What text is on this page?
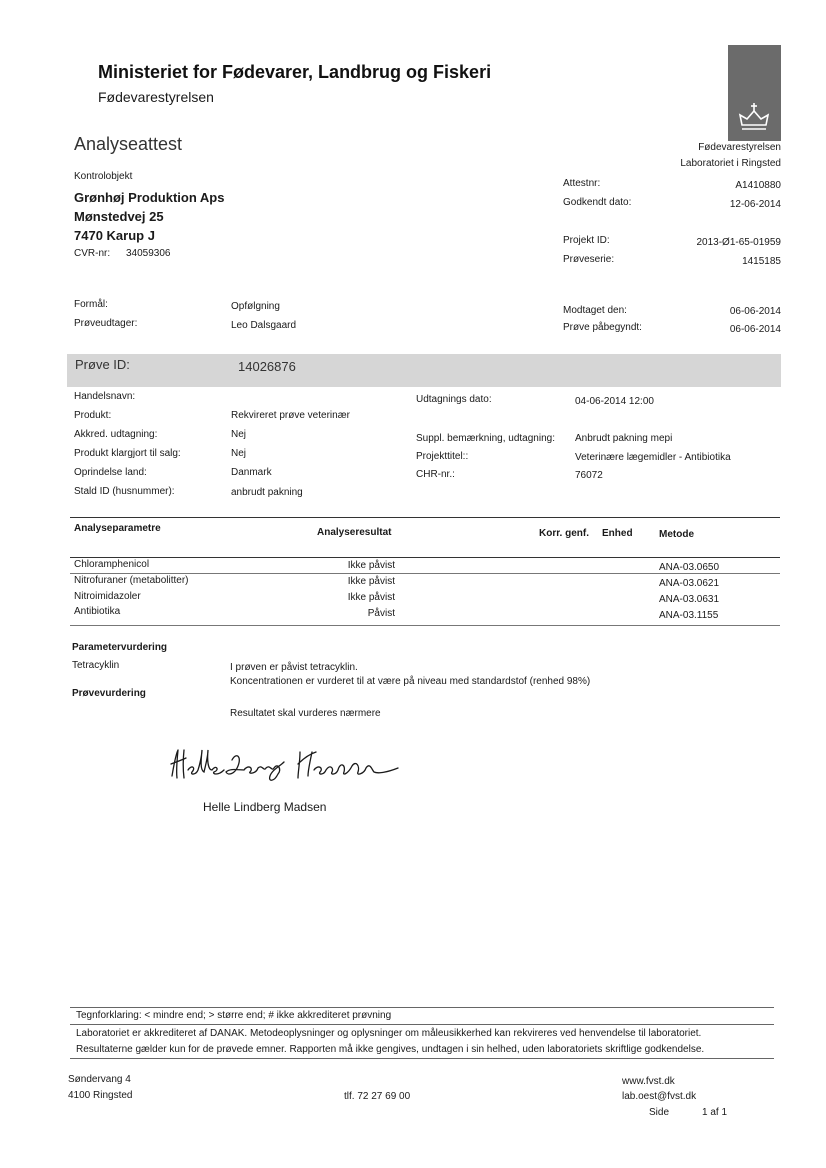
Ministeriet for Fødevarer, Landbrug og Fiskeri
Fødevarestyrelsen
Analyseattest	Fødevarestyrelsen
Laboratoriet i Ringsted
Kontrolobjekt
Grønhøj Produktion Aps
Mønstedvej 25
7470 Karup J
CVR-nr: 34059306
Attestnr:	A1410880
Godkendt dato:	12-06-2014
Projekt ID:	2013-Ø1-65-01959
Prøveserie:	1415185
Formål:	Opfølgning
Prøveudtager:	Leo Dalsgaard
Modtaget den:	06-06-2014
Prøve påbegyndt:	06-06-2014
Prøve ID:	14026876
Handelsnavn:
Produkt:	Rekvireret prøve veterinær
Akkred. udtagning:	Nej
Produkt klargjort til salg:	Nej
Oprindelse land:	Danmark
Stald ID (husnummer):	anbrudt pakning
Udtagnings dato:	04-06-2014 12:00
Suppl. bemærkning, udtagning: Anbrudt pakning mepi
Projekttitel::	Veterinære lægemidler - Antibiotika
CHR-nr.:	76072
Analyseparametre	Analyseresultat	Korr. genf. Enhed	Metode
Chloramphenicol	Ikke påvist	ANA-03.0650
Nitrofuraner (metabolitter)	Ikke påvist	ANA-03.0621
Nitroimidazoler	Ikke påvist	ANA-03.0631
Antibiotika	Påvist	ANA-03.1155
Parametervurdering
Tetracyklin	I prøven er påvist tetracyklin.
Koncentrationen er vurderet til at være på niveau med standardstof (renhed 98%)
Prøvevurdering
Resultatet skal vurderes nærmere
Helle Lindberg Madsen
Tegnforklaring: < mindre end; > større end; # ikke akkrediteret prøvning
Laboratoriet er akkrediteret af DANAK. Metodeoplysninger og oplysninger om måleusikkerhed kan rekvireres ved henvendelse til laboratoriet.
Resultaterne gælder kun for de prøvede emner. Rapporten må ikke gengives, undtagen i sin helhed, uden laboratoriets skriftlige godkendelse.
Søndervang 4
4100 Ringsted	tlf. 72 27 69 00
www.fvst.dk
lab.oest@fvst.dk
Side	1 af 1
